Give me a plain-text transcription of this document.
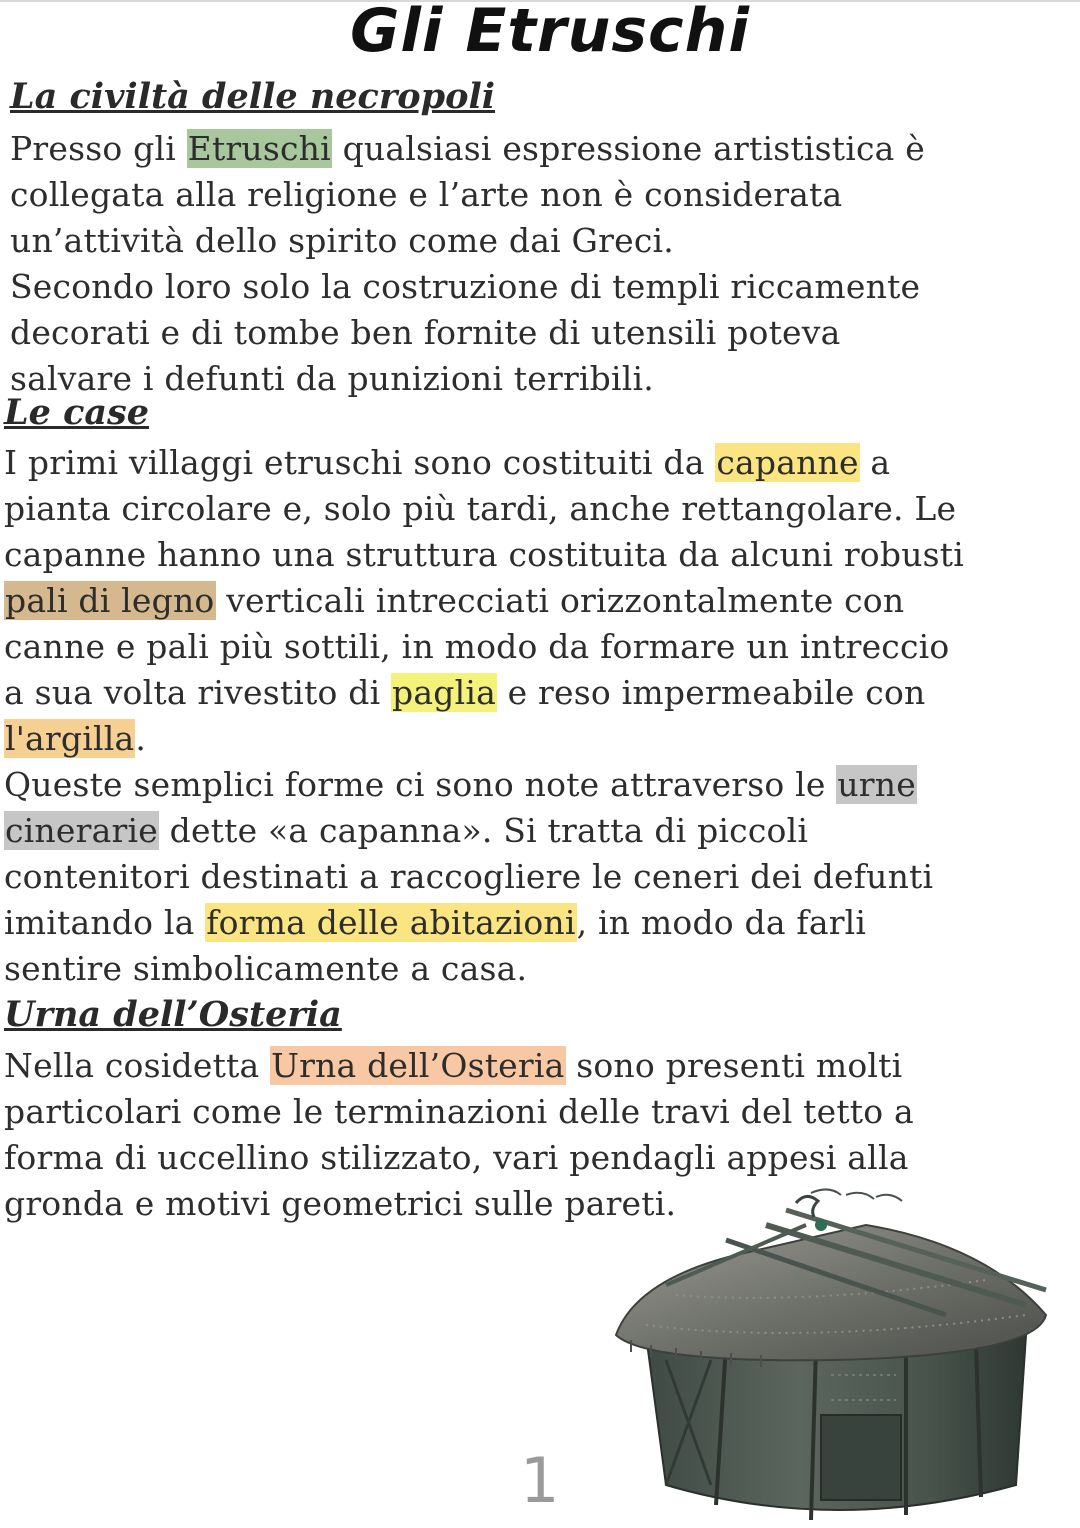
Gli Etruschi
La civiltà delle necropoli
Presso gli Etruschi qualsiasi espressione artististica è
collegata alla religione e l’arte non è considerata
un’attività dello spirito come dai Greci.
Secondo loro solo la costruzione di templi riccamente
decorati e di tombe ben fornite di utensili poteva
salvare i defunti da punizioni terribili.
Le case
I primi villaggi etruschi sono costituiti da capanne a
pianta circolare e, solo più tardi, anche rettangolare. Le
capanne hanno una struttura costituita da alcuni robusti
pali di legno verticali intrecciati orizzontalmente con
canne e pali più sottili, in modo da formare un intreccio
a sua volta rivestito di paglia e reso impermeabile con
l'argilla.
Queste semplici forme ci sono note attraverso le urne
cinerarie dette «a capanna». Si tratta di piccoli
contenitori destinati a raccogliere le ceneri dei defunti
imitando la forma delle abitazioni, in modo da farli
sentire simbolicamente a casa.
Urna dell’Osteria
Nella cosidetta Urna dell’Osteria sono presenti molti
particolari come le terminazioni delle travi del tetto a
forma di uccellino stilizzato, vari pendagli appesi alla
gronda e motivi geometrici sulle pareti.
1
